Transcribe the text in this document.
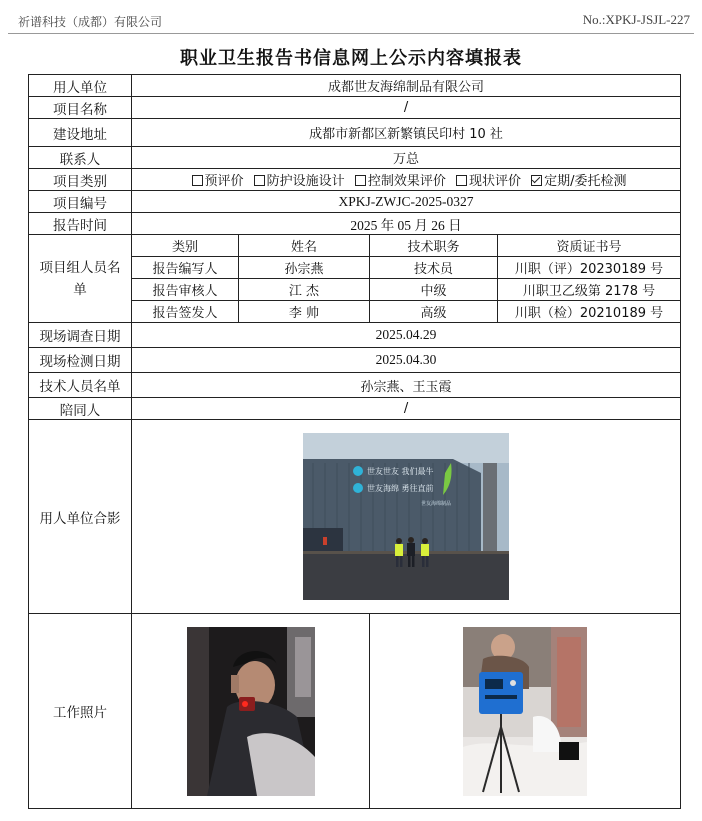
祈谱科技（成都）有限公司	No.:XPKJ-JSJL-227
职业卫生报告书信息网上公示内容填报表
用人单位	成都世友海绵制品有限公司			
项目名称	/			
建设地址	成都市新都区新繁镇民印村 10 社			
联系人	万总			
项目类别	预评价 防护设施设计 控制效果评价 现状评价 定期/委托检测			
项目编号	XPKJ-ZWJC-2025-0327			
报告时间	2025 年 05 月 26 日			
项目组人员名单	类别	姓名	技术职务	资质证书号
	报告编写人	孙宗燕	技术员	川职（评）20230189 号
	报告审核人	江 杰	中级	川职卫乙级第 2178 号
	报告签发人	李 帅	高级	川职（检）20210189 号
现场调查日期	2025.04.29			
现场检测日期	2025.04.30			
技术人员名单	孙宗燕、王玉霞			
陪同人	/			
用人单位合影	世友世友 我们最牛
世友海绵 勇往直前
世友海绵制品			

工作照片	
